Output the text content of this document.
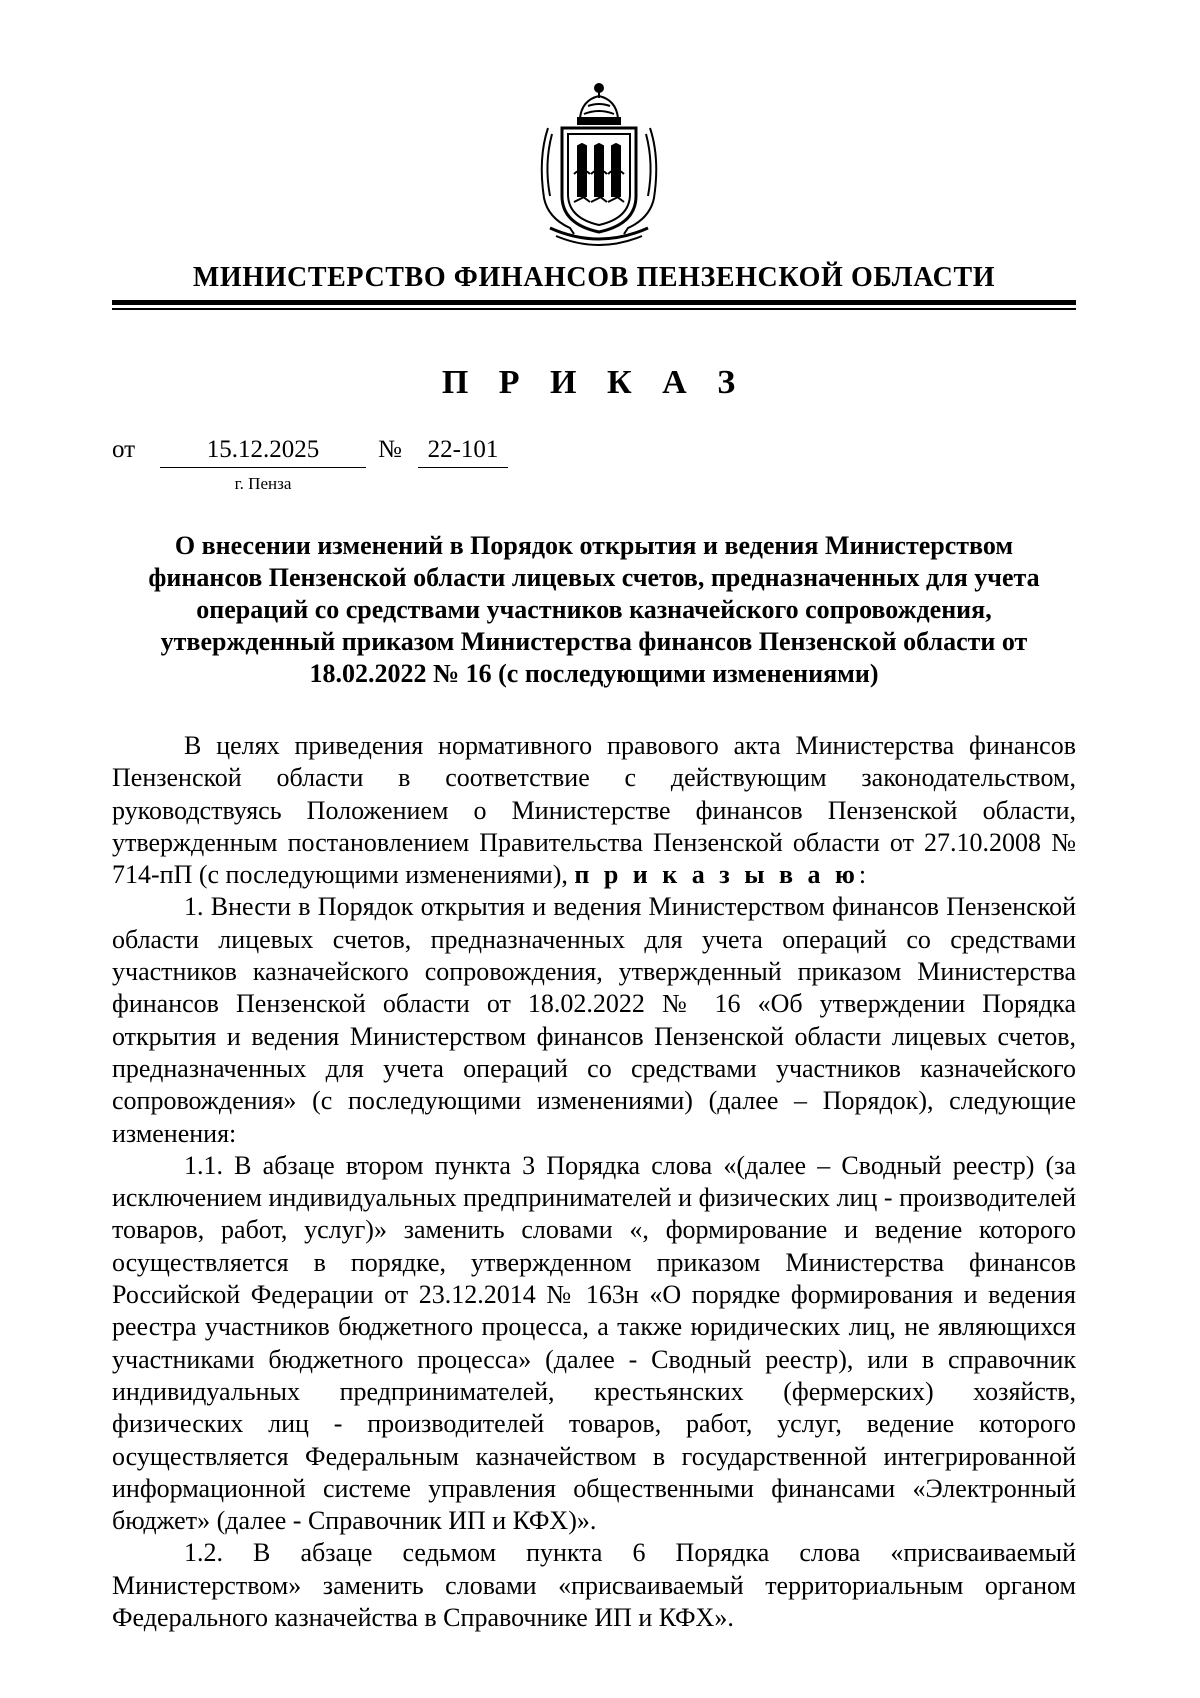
МИНИСТЕРСТВО ФИНАНСОВ ПЕНЗЕНСКОЙ ОБЛАСТИ
П Р И К А З
от	15.12.2025	№	22-101
г. Пенза
О внесении изменений в Порядок открытия и ведения Министерством финансов Пензенской области лицевых счетов, предназначенных для учета операций со средствами участников казначейского сопровождения, утвержденный приказом Министерства финансов Пензенской области от 18.02.2022 № 16 (с последующими изменениями)

В целях приведения нормативного правового акта Министерства финансов Пензенской области в соответствие с действующим законодательством, руководствуясь Положением о Министерстве финансов Пензенской области, утвержденным постановлением Правительства Пензенской области от 27.10.2008 № 714-пП (с последующими изменениями), п р и к а з ы в а ю:

1. Внести в Порядок открытия и ведения Министерством финансов Пензенской области лицевых счетов, предназначенных для учета операций со средствами участников казначейского сопровождения, утвержденный приказом Министерства финансов Пензенской области от 18.02.2022 № 16 «Об утверждении Порядка открытия и ведения Министерством финансов Пензенской области лицевых счетов, предназначенных для учета операций со средствами участников казначейского сопровождения» (с последующими изменениями) (далее – Порядок), следующие изменения:

1.1. В абзаце втором пункта 3 Порядка слова «(далее – Сводный реестр) (за исключением индивидуальных предпринимателей и физических лиц - производителей товаров, работ, услуг)» заменить словами «, формирование и ведение которого осуществляется в порядке, утвержденном приказом Министерства финансов Российской Федерации от 23.12.2014 № 163н «О порядке формирования и ведения реестра участников бюджетного процесса, а также юридических лиц, не являющихся участниками бюджетного процесса» (далее - Сводный реестр), или в справочник индивидуальных предпринимателей, крестьянских (фермерских) хозяйств, физических лиц - производителей товаров, работ, услуг, ведение которого осуществляется Федеральным казначейством в государственной интегрированной информационной системе управления общественными финансами «Электронный бюджет» (далее - Справочник ИП и КФХ)».

1.2. В абзаце седьмом пункта 6 Порядка слова «присваиваемый Министерством» заменить словами «присваиваемый территориальным органом Федерального казначейства в Справочнике ИП и КФХ».
